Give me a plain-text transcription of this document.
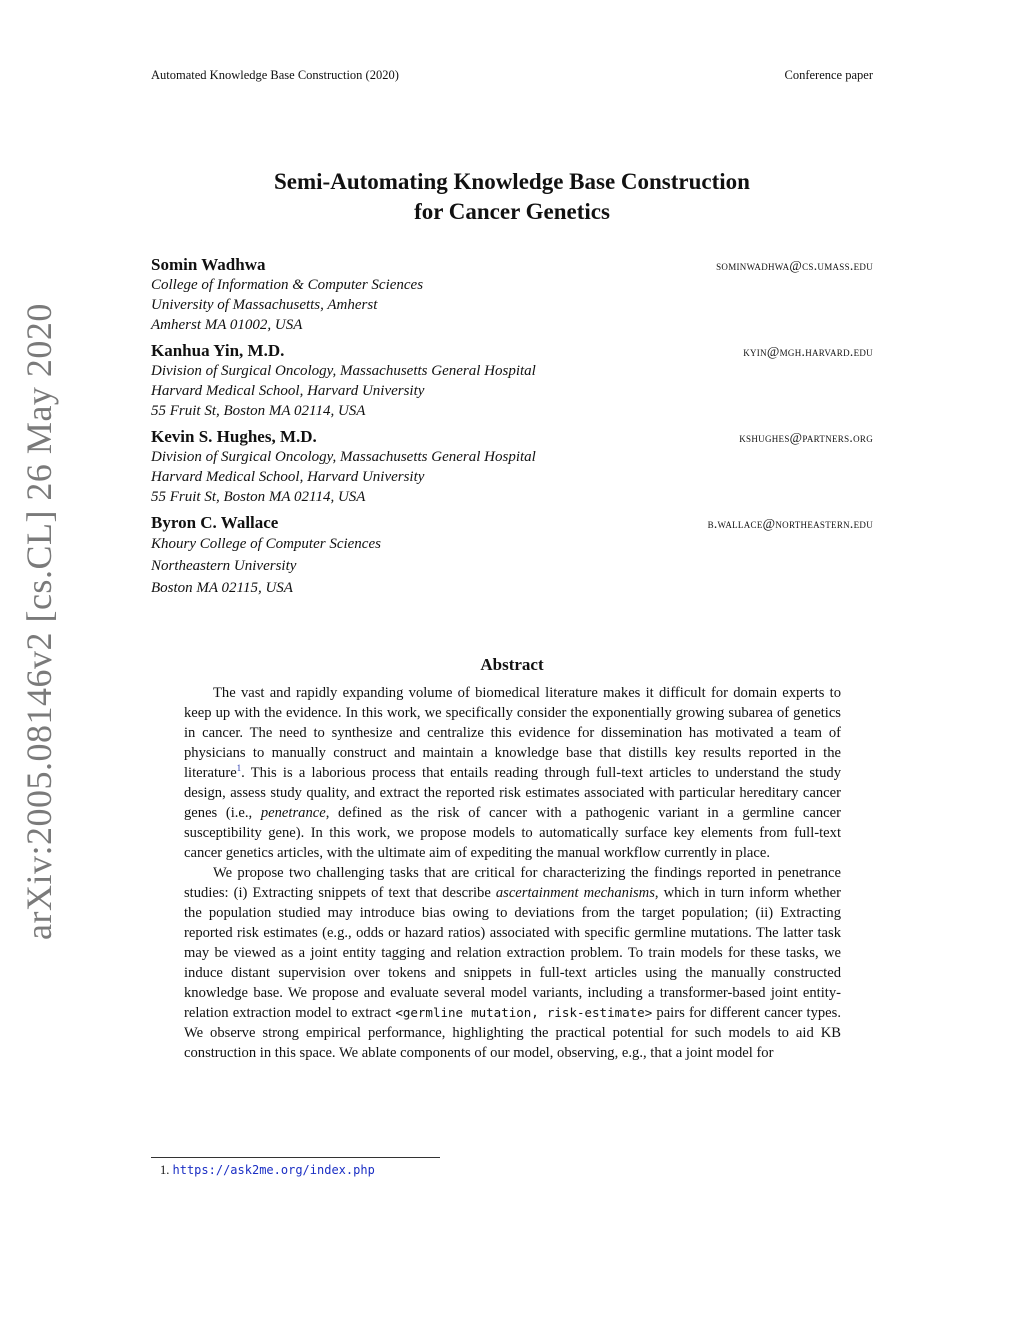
Automated Knowledge Base Construction (2020)	Conference paper
arXiv:2005.08146v2 [cs.CL] 26 May 2020
Semi-Automating Knowledge Base Construction
for Cancer Genetics
Somin Wadhwa	sominwadhwa@cs.umass.edu
College of Information & Computer Sciences
University of Massachusetts, Amherst
Amherst MA 01002, USA
Kanhua Yin, M.D.	kyin@mgh.harvard.edu
Division of Surgical Oncology, Massachusetts General Hospital
Harvard Medical School, Harvard University
55 Fruit St, Boston MA 02114, USA
Kevin S. Hughes, M.D.	kshughes@partners.org
Division of Surgical Oncology, Massachusetts General Hospital
Harvard Medical School, Harvard University
55 Fruit St, Boston MA 02114, USA
Byron C. Wallace	b.wallace@northeastern.edu
Khoury College of Computer Sciences
Northeastern University
Boston MA 02115, USA
Abstract

The vast and rapidly expanding volume of biomedical literature makes it difficult for domain experts to keep up with the evidence. In this work, we specifically consider the exponentially growing subarea of genetics in cancer. The need to synthesize and centralize this evidence for dissemination has motivated a team of physicians to manually construct and maintain a knowledge base that distills key results reported in the literature$^1$. This is a laborious process that entails reading through full-text articles to understand the study design, assess study quality, and extract the reported risk estimates associated with particular hereditary cancer genes (i.e., penetrance, defined as the risk of cancer with a pathogenic variant in a germline cancer susceptibility gene). In this work, we propose models to automatically surface key elements from full-text cancer genetics articles, with the ultimate aim of expediting the manual workflow currently in place.

We propose two challenging tasks that are critical for characterizing the findings reported in penetrance studies: (i) Extracting snippets of text that describe ascertainment mechanisms, which in turn inform whether the population studied may introduce bias owing to deviations from the target population; (ii) Extracting reported risk estimates (e.g., odds or hazard ratios) associated with specific germline mutations. The latter task may be viewed as a joint entity tagging and relation extraction problem. To train models for these tasks, we induce distant supervision over tokens and snippets in full-text articles using the manually constructed knowledge base. We propose and evaluate several model variants, including a transformer-based joint entity-relation extraction model to extract <germline mutation, risk-estimate> pairs for different cancer types. We observe strong empirical performance, highlighting the practical potential for such models to aid KB construction in this space. We ablate components of our model, observing, e.g., that a joint model for

1. https://ask2me.org/index.php
